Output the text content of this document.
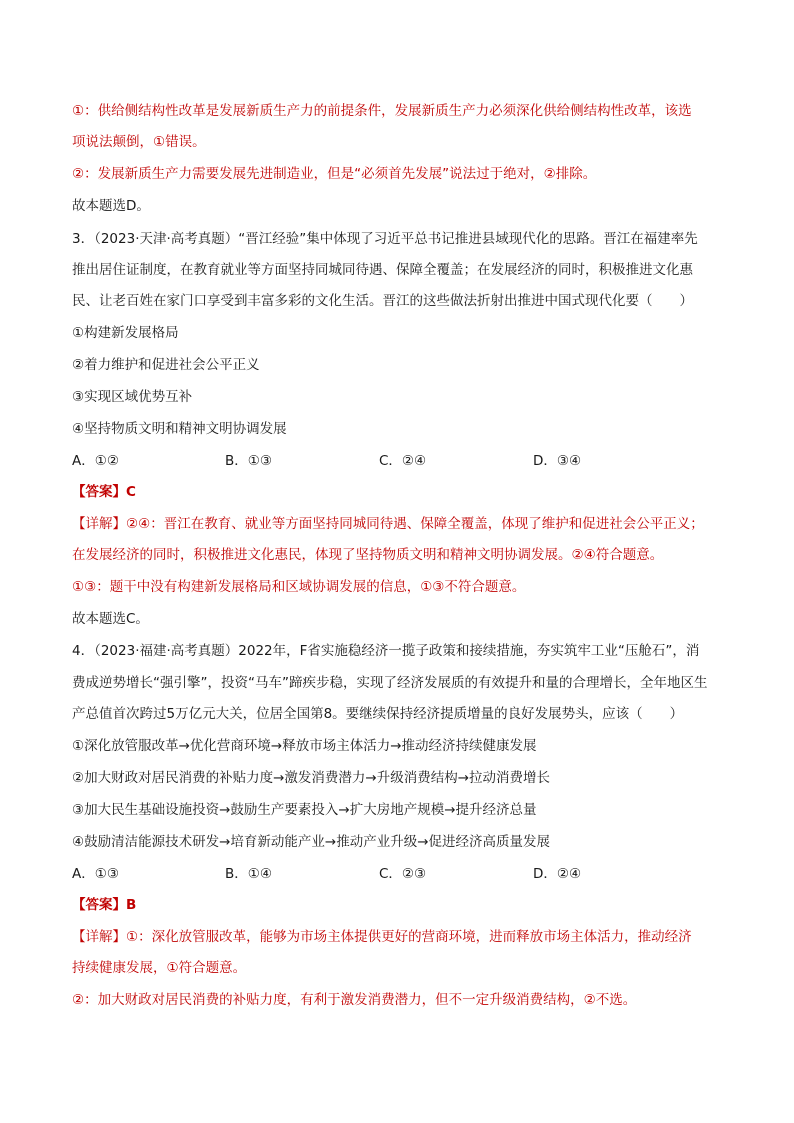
①：供给侧结构性改革是发展新质生产力的前提条件，发展新质生产力必须深化供给侧结构性改革，该选
项说法颠倒，①错误。
②：发展新质生产力需要发展先进制造业，但是“必须首先发展”说法过于绝对，②排除。
故本题选D。
3．（2023·天津·高考真题）“晋江经验”集中体现了习近平总书记推进县域现代化的思路。晋江在福建率先
推出居住证制度，在教育就业等方面坚持同城同待遇、保障全覆盖；在发展经济的同时，积极推进文化惠
民、让老百姓在家门口享受到丰富多彩的文化生活。晋江的这些做法折射出推进中国式现代化要（　　）
①构建新发展格局
②着力维护和促进社会公平正义
③实现区域优势互补
④坚持物质文明和精神文明协调发展
A．①②	B．①③	C．②④	D．③④
【答案】C
【详解】②④：晋江在教育、就业等方面坚持同城同待遇、保障全覆盖，体现了维护和促进社会公平正义；
在发展经济的同时，积极推进文化惠民，体现了坚持物质文明和精神文明协调发展。②④符合题意。
①③：题干中没有构建新发展格局和区域协调发展的信息，①③不符合题意。
故本题选C。
4．（2023·福建·高考真题）2022年，F省实施稳经济一揽子政策和接续措施，夯实筑牢工业“压舱石”，消
费成逆势增长“强引擎”，投资“马车”蹄疾步稳，实现了经济发展质的有效提升和量的合理增长，全年地区生
产总值首次跨过5万亿元大关，位居全国第8。要继续保持经济提质增量的良好发展势头，应该（　　）
①深化放管服改革→优化营商环境→释放市场主体活力→推动经济持续健康发展
②加大财政对居民消费的补贴力度→激发消费潜力→升级消费结构→拉动消费增长
③加大民生基础设施投资→鼓励生产要素投入→扩大房地产规模→提升经济总量
④鼓励清洁能源技术研发→培育新动能产业→推动产业升级→促进经济高质量发展
A．①③	B．①④	C．②③	D．②④
【答案】B
【详解】①：深化放管服改革，能够为市场主体提供更好的营商环境，进而释放市场主体活力，推动经济
持续健康发展，①符合题意。
②：加大财政对居民消费的补贴力度，有利于激发消费潜力，但不一定升级消费结构，②不选。
